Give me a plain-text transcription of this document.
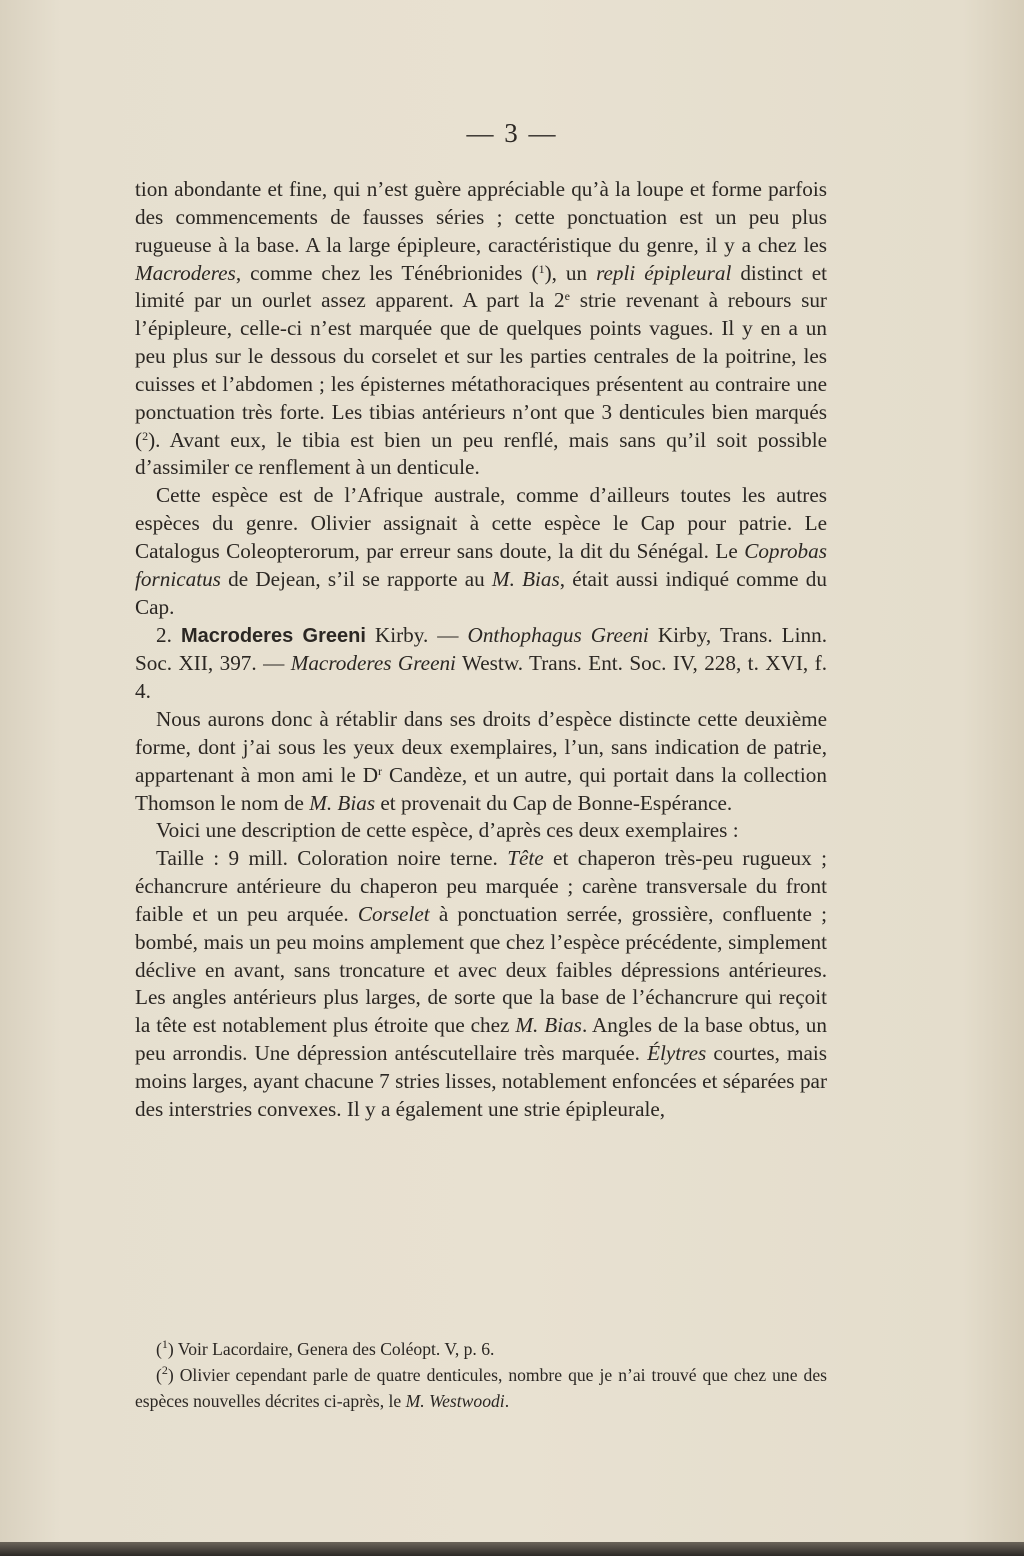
— 3 —

tion abondante et fine, qui n’est guère appréciable qu’à la loupe et forme parfois des commencements de fausses séries ; cette ponctuation est un peu plus rugueuse à la base. A la large épipleure, caractéristique du genre, il y a chez les Macroderes, comme chez les Ténébrionides ($^1$), un repli épipleural distinct et limité par un ourlet assez apparent. A part la 2e strie revenant à rebours sur l’épipleure, celle-ci n’est marquée que de quelques points vagues. Il y en a un peu plus sur le dessous du corselet et sur les parties centrales de la poitrine, les cuisses et l’abdomen ; les épisternes métathoraciques présentent au contraire une ponctuation très forte. Les tibias antérieurs n’ont que 3 denticules bien marqués ($^2$). Avant eux, le tibia est bien un peu renflé, mais sans qu’il soit possible d’assimiler ce renflement à un denticule.

Cette espèce est de l’Afrique australe, comme d’ailleurs toutes les autres espèces du genre. Olivier assignait à cette espèce le Cap pour patrie. Le Catalogus Coleopterorum, par erreur sans doute, la dit du Sénégal. Le Coprobas fornicatus de Dejean, s’il se rapporte au M. Bias, était aussi indiqué comme du Cap.

2. Macroderes Greeni Kirby. — Onthophagus Greeni Kirby, Trans. Linn. Soc. XII, 397. — Macroderes Greeni Westw. Trans. Ent. Soc. IV, 228, t. XVI, f. 4.

Nous aurons donc à rétablir dans ses droits d’espèce distincte cette deuxième forme, dont j’ai sous les yeux deux exemplaires, l’un, sans indication de patrie, appartenant à mon ami le $D^r$ Candèze, et un autre, qui portait dans la collection Thomson le nom de M. Bias et provenait du Cap de Bonne-Espérance.

Voici une description de cette espèce, d’après ces deux exemplaires :

Taille : 9 mill. Coloration noire terne. Tête et chaperon très-peu rugueux ; échancrure antérieure du chaperon peu marquée ; carène transversale du front faible et un peu arquée. Corselet à ponctuation serrée, grossière, confluente ; bombé, mais un peu moins amplement que chez l’espèce précédente, simplement déclive en avant, sans troncature et avec deux faibles dépressions antérieures. Les angles antérieurs plus larges, de sorte que la base de l’échancrure qui reçoit la tête est notablement plus étroite que chez M. Bias. Angles de la base obtus, un peu arrondis. Une dépression antéscutellaire très marquée. Élytres courtes, mais moins larges, ayant chacune 7 stries lisses, notablement enfoncées et séparées par des interstries convexes. Il y a également une strie épipleurale,

($^1$) Voir Lacordaire, Genera des Coléopt. V, p. 6.

($^2$) Olivier cependant parle de quatre denticules, nombre que je n’ai trouvé que chez une des espèces nouvelles décrites ci-après, le M. Westwoodi.
